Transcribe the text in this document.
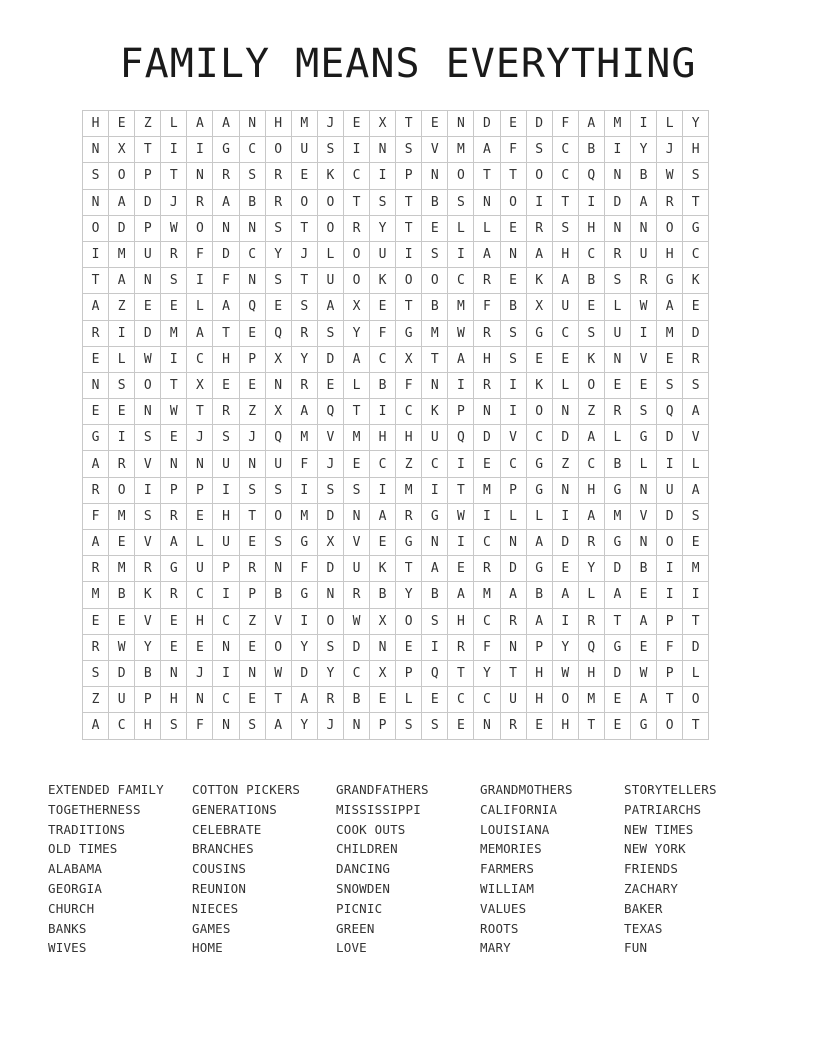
FAMILY MEANS EVERYTHING
H	E	Z	L	A	A	N	H	M	J	E	X	T	E	N	D	E	D	F	A	M	I	L	Y
N	X	T	I	I	G	C	O	U	S	I	N	S	V	M	A	F	S	C	B	I	Y	J	H
S	O	P	T	N	R	S	R	E	K	C	I	P	N	O	T	T	O	C	Q	N	B	W	S
N	A	D	J	R	A	B	R	O	O	T	S	T	B	S	N	O	I	T	I	D	A	R	T
O	D	P	W	O	N	N	S	T	O	R	Y	T	E	L	L	E	R	S	H	N	N	O	G
I	M	U	R	F	D	C	Y	J	L	O	U	I	S	I	A	N	A	H	C	R	U	H	C
T	A	N	S	I	F	N	S	T	U	O	K	O	O	C	R	E	K	A	B	S	R	G	K
A	Z	E	E	L	A	Q	E	S	A	X	E	T	B	M	F	B	X	U	E	L	W	A	E
R	I	D	M	A	T	E	Q	R	S	Y	F	G	M	W	R	S	G	C	S	U	I	M	D
E	L	W	I	C	H	P	X	Y	D	A	C	X	T	A	H	S	E	E	K	N	V	E	R
N	S	O	T	X	E	E	N	R	E	L	B	F	N	I	R	I	K	L	O	E	E	S	S
E	E	N	W	T	R	Z	X	A	Q	T	I	C	K	P	N	I	O	N	Z	R	S	Q	A
G	I	S	E	J	S	J	Q	M	V	M	H	H	U	Q	D	V	C	D	A	L	G	D	V
A	R	V	N	N	U	N	U	F	J	E	C	Z	C	I	E	C	G	Z	C	B	L	I	L
R	O	I	P	P	I	S	S	I	S	S	I	M	I	T	M	P	G	N	H	G	N	U	A
F	M	S	R	E	H	T	O	M	D	N	A	R	G	W	I	L	L	I	A	M	V	D	S
A	E	V	A	L	U	E	S	G	X	V	E	G	N	I	C	N	A	D	R	G	N	O	E
R	M	R	G	U	P	R	N	F	D	U	K	T	A	E	R	D	G	E	Y	D	B	I	M
M	B	K	R	C	I	P	B	G	N	R	B	Y	B	A	M	A	B	A	L	A	E	I	I
E	E	V	E	H	C	Z	V	I	O	W	X	O	S	H	C	R	A	I	R	T	A	P	T
R	W	Y	E	E	N	E	O	Y	S	D	N	E	I	R	F	N	P	Y	Q	G	E	F	D
S	D	B	N	J	I	N	W	D	Y	C	X	P	Q	T	Y	T	H	W	H	D	W	P	L
Z	U	P	H	N	C	E	T	A	R	B	E	L	E	C	C	U	H	O	M	E	A	T	O
A	C	H	S	F	N	S	A	Y	J	N	P	S	S	E	N	R	E	H	T	E	G	O	T
EXTENDED FAMILY	COTTON PICKERS	GRANDFATHERS	GRANDMOTHERS	STORYTELLERS
TOGETHERNESS	GENERATIONS	MISSISSIPPI	CALIFORNIA	PATRIARCHS
TRADITIONS	CELEBRATE	COOK OUTS	LOUISIANA	NEW TIMES
OLD TIMES	BRANCHES	CHILDREN	MEMORIES	NEW YORK
ALABAMA	COUSINS	DANCING	FARMERS	FRIENDS
GEORGIA	REUNION	SNOWDEN	WILLIAM	ZACHARY
CHURCH	NIECES	PICNIC	VALUES	BAKER
BANKS	GAMES	GREEN	ROOTS	TEXAS
WIVES	HOME	LOVE	MARY	FUN
